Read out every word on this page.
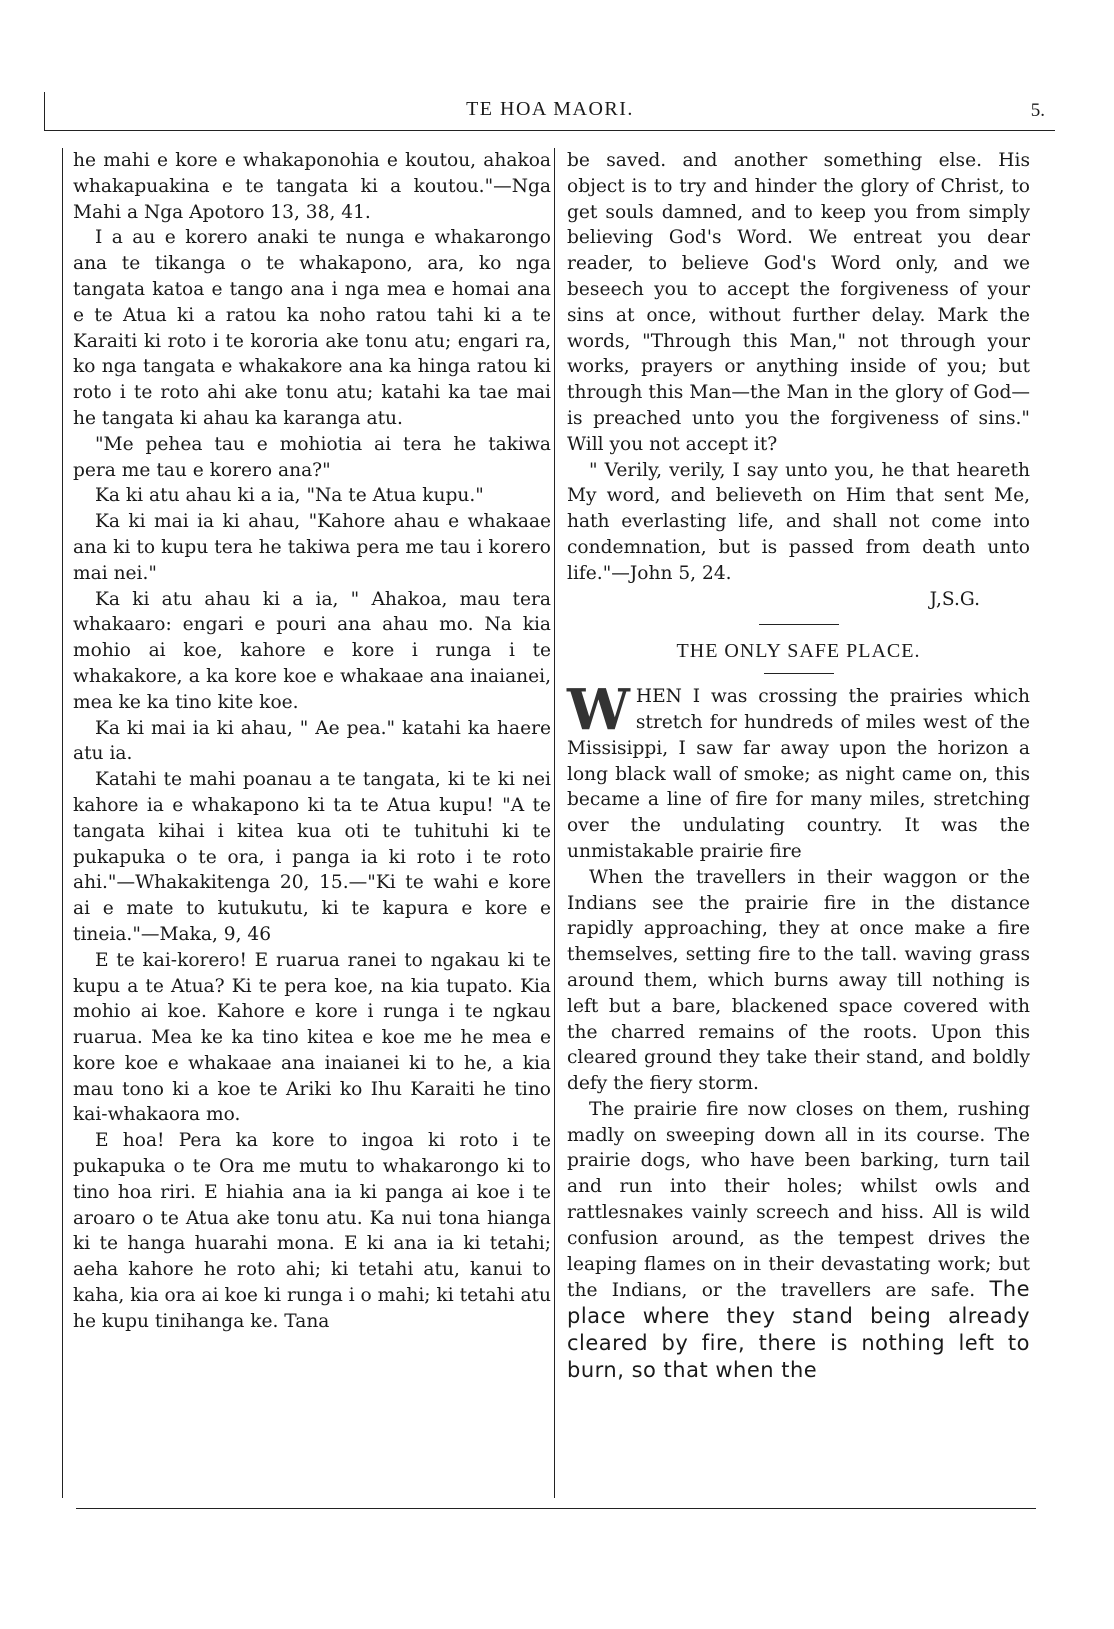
TE HOA MAORI.	5.

he mahi e kore e whakaponohia e koutou, ahakoa whakapuakina e te tangata ki a koutou."—Nga Mahi a Nga Apotoro 13, 38, 41.

I a au e korero anaki te nunga e whakarongo ana te tikanga o te whakapono, ara, ko nga tangata katoa e tango ana i nga mea e homai ana e te Atua ki a ratou ka noho ratou tahi ki a te Karaiti ki roto i te kororia ake tonu atu; engari ra, ko nga tangata e whakakore ana ka hinga ratou ki roto i te roto ahi ake tonu atu; katahi ka tae mai he tangata ki ahau ka karanga atu.

"Me pehea tau e mohiotia ai tera he takiwa pera me tau e korero ana?"

Ka ki atu ahau ki a ia, "Na te Atua kupu."

Ka ki mai ia ki ahau, "Kahore ahau e whakaae ana ki to kupu tera he takiwa pera me tau i korero mai nei."

Ka ki atu ahau ki a ia, " Ahakoa, mau tera whakaaro: engari e pouri ana ahau mo. Na kia mohio ai koe, kahore e kore i runga i te whakakore, a ka kore koe e whakaae ana inaianei, mea ke ka tino kite koe.

Ka ki mai ia ki ahau, " Ae pea." katahi ka haere atu ia.

Katahi te mahi poanau a te tangata, ki te ki nei kahore ia e whakapono ki ta te Atua kupu! "A te tangata kihai i kitea kua oti te tuhituhi ki te pukapuka o te ora, i panga ia ki roto i te roto ahi."—Whakakitenga 20, 15.—"Ki te wahi e kore ai e mate to kutukutu, ki te kapura e kore e tineia."—Maka, 9, 46

E te kai-korero! E ruarua ranei to ngakau ki te kupu a te Atua? Ki te pera koe, na kia tupato. Kia mohio ai koe. Kahore e kore i runga i te ngkau ruarua. Mea ke ka tino kitea e koe me he mea e kore koe e whakaae ana inaianei ki to he, a kia mau tono ki a koe te Ariki ko Ihu Karaiti he tino kai-whakaora mo.

E hoa! Pera ka kore to ingoa ki roto i te pukapuka o te Ora me mutu to whakarongo ki to tino hoa riri. E hiahia ana ia ki panga ai koe i te aroaro o te Atua ake tonu atu. Ka nui tona hianga ki te hanga huarahi mona. E ki ana ia ki tetahi; aeha kahore he roto ahi; ki tetahi atu, kanui to kaha, kia ora ai koe ki runga i o mahi; ki tetahi atu he kupu tinihanga ke. Tana

be saved. and another something else. His object is to try and hinder the glory of Christ, to get souls damned, and to keep you from simply believing God's Word. We entreat you dear reader, to believe God's Word only, and we beseech you to accept the forgiveness of your sins at once, without further delay. Mark the words, "Through this Man," not through your works, prayers or anything inside of you; but through this Man—the Man in the glory of God—is preached unto you the forgiveness of sins." Will you not accept it?

" Verily, verily, I say unto you, he that heareth My word, and believeth on Him that sent Me, hath everlasting life, and shall not come into condemnation, but is passed from death unto life."—John 5, 24.

J,S.G.

THE ONLY SAFE PLACE.

WHEN I was crossing the prairies which stretch for hundreds of miles west of the Missisippi, I saw far away upon the horizon a long black wall of smoke; as night came on, this became a line of fire for many miles, stretching over the undulating country. It was the unmistakable prairie fire

When the travellers in their waggon or the Indians see the prairie fire in the distance rapidly approaching, they at once make a fire themselves, setting fire to the tall. waving grass around them, which burns away till nothing is left but a bare, blackened space covered with the charred remains of the roots. Upon this cleared ground they take their stand, and boldly defy the fiery storm.

The prairie fire now closes on them, rushing madly on sweeping down all in its course. The prairie dogs, who have been barking, turn tail and run into their holes; whilst owls and rattlesnakes vainly screech and hiss. All is wild confusion around, as the tempest drives the leaping flames on in their devastating work; but the Indians, or the travellers are safe. The place where they stand being already cleared by fire, there is nothing left to burn, so that when the
